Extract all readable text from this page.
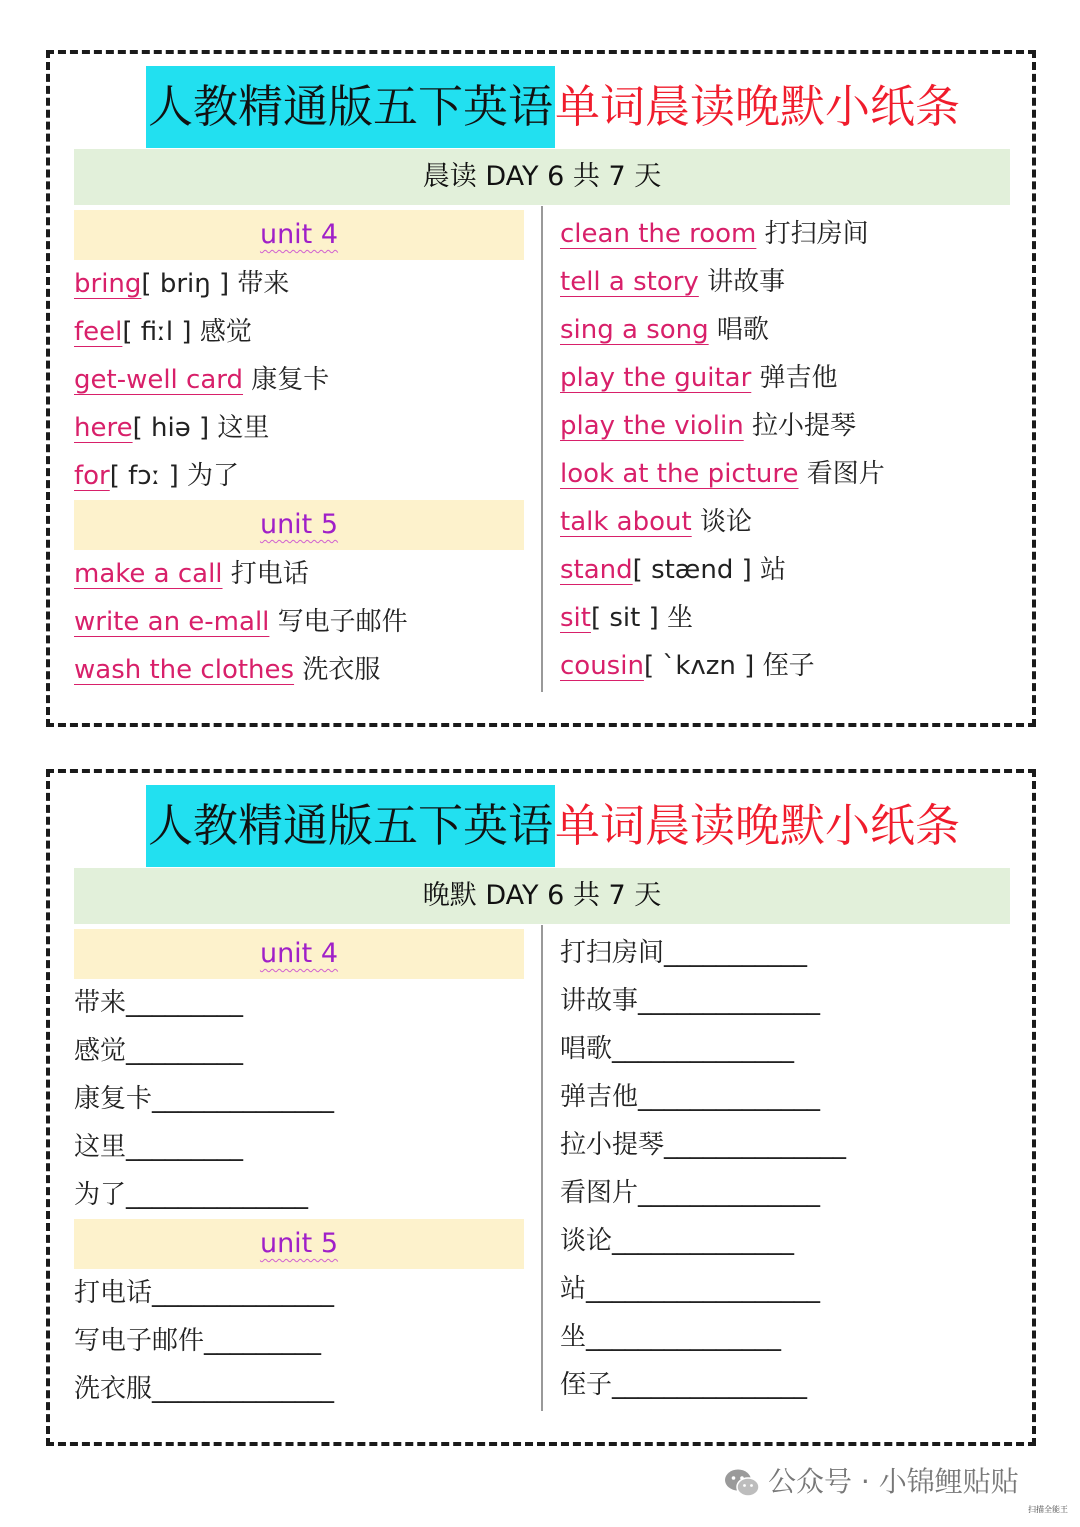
人教精通版五下英语单词晨读晚默小纸条
晨读 DAY 6 共 7 天
unit 4
bring[ briŋ ] 带来
feel[ fiːl ] 感觉
get-well card 康复卡
here[ hiə ] 这里
for[ fɔː ] 为了
unit 5
make a call 打电话
write an e-mall 写电子邮件
wash the clothes 洗衣服
clean the room 打扫房间
tell a story 讲故事
sing a song 唱歌
play the guitar 弹吉他
play the violin 拉小提琴
look at the picture 看图片
talk about 谈论
stand[ stænd ] 站
sit[ sit ] 坐
cousin[ `kʌzn ] 侄子
人教精通版五下英语单词晨读晚默小纸条
晚默 DAY 6 共 7 天
unit 4
带来_________
感觉_________
康复卡______________
这里_________
为了______________
unit 5
打电话______________
写电子邮件_________
洗衣服______________
打扫房间___________
讲故事______________
唱歌______________
弹吉他______________
拉小提琴______________
看图片______________
谈论______________
站__________________
坐_______________
侄子_______________
公众号 · 小锦鲤贴贴
扫描全能王
